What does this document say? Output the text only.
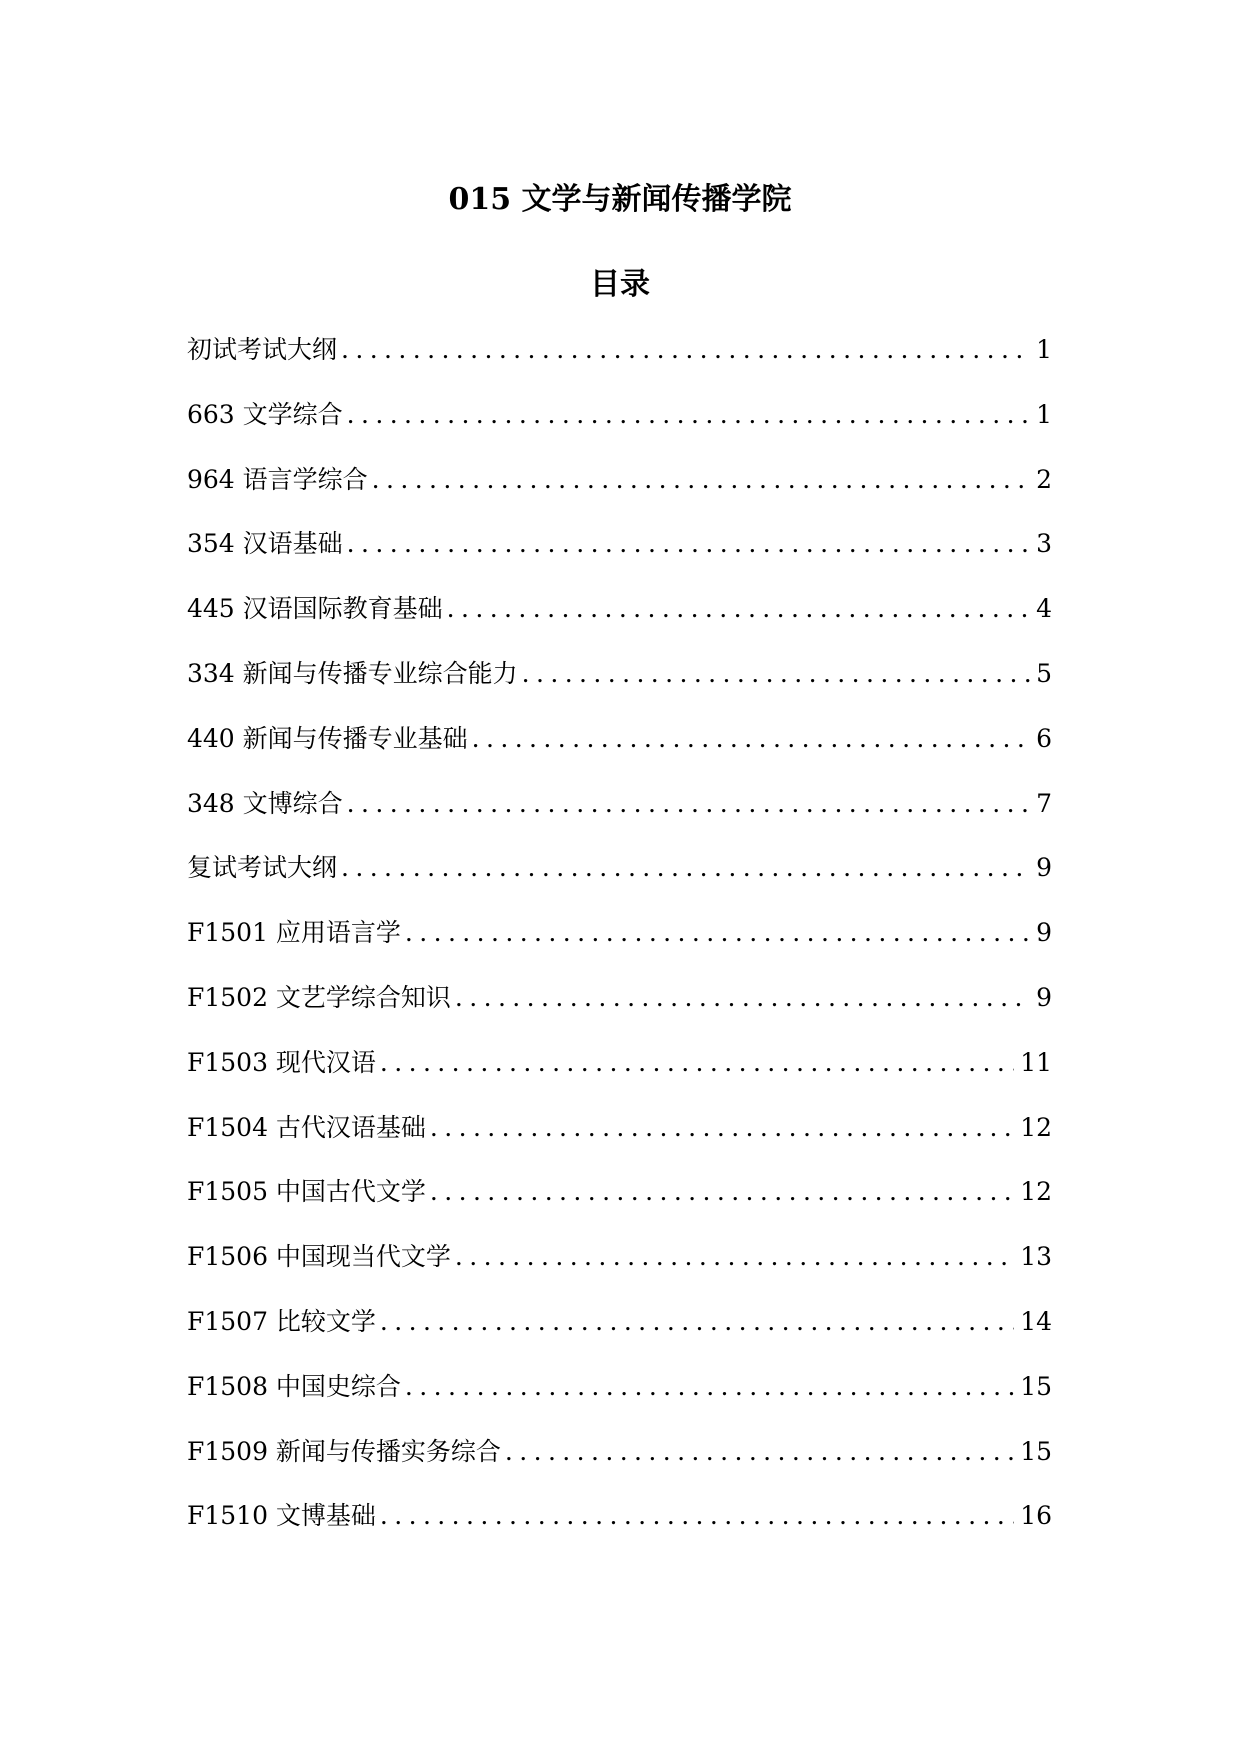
015 文学与新闻传播学院
目录
初试考试大纲 .....	1
663 文学综合 .....	1
964 语言学综合 .....	2
354 汉语基础 .....	3
445 汉语国际教育基础 .....	4
334 新闻与传播专业综合能力 .....	5
440 新闻与传播专业基础 .....	6
348 文博综合 .....	7
复试考试大纲 .....	9
F1501 应用语言学 .....	9
F1502 文艺学综合知识 .....	9
F1503 现代汉语 .....	11
F1504 古代汉语基础 .....	12
F1505 中国古代文学 .....	12
F1506 中国现当代文学 .....	13
F1507 比较文学 .....	14
F1508 中国史综合 .....	15
F1509 新闻与传播实务综合 .....	15
F1510 文博基础 .....	16
